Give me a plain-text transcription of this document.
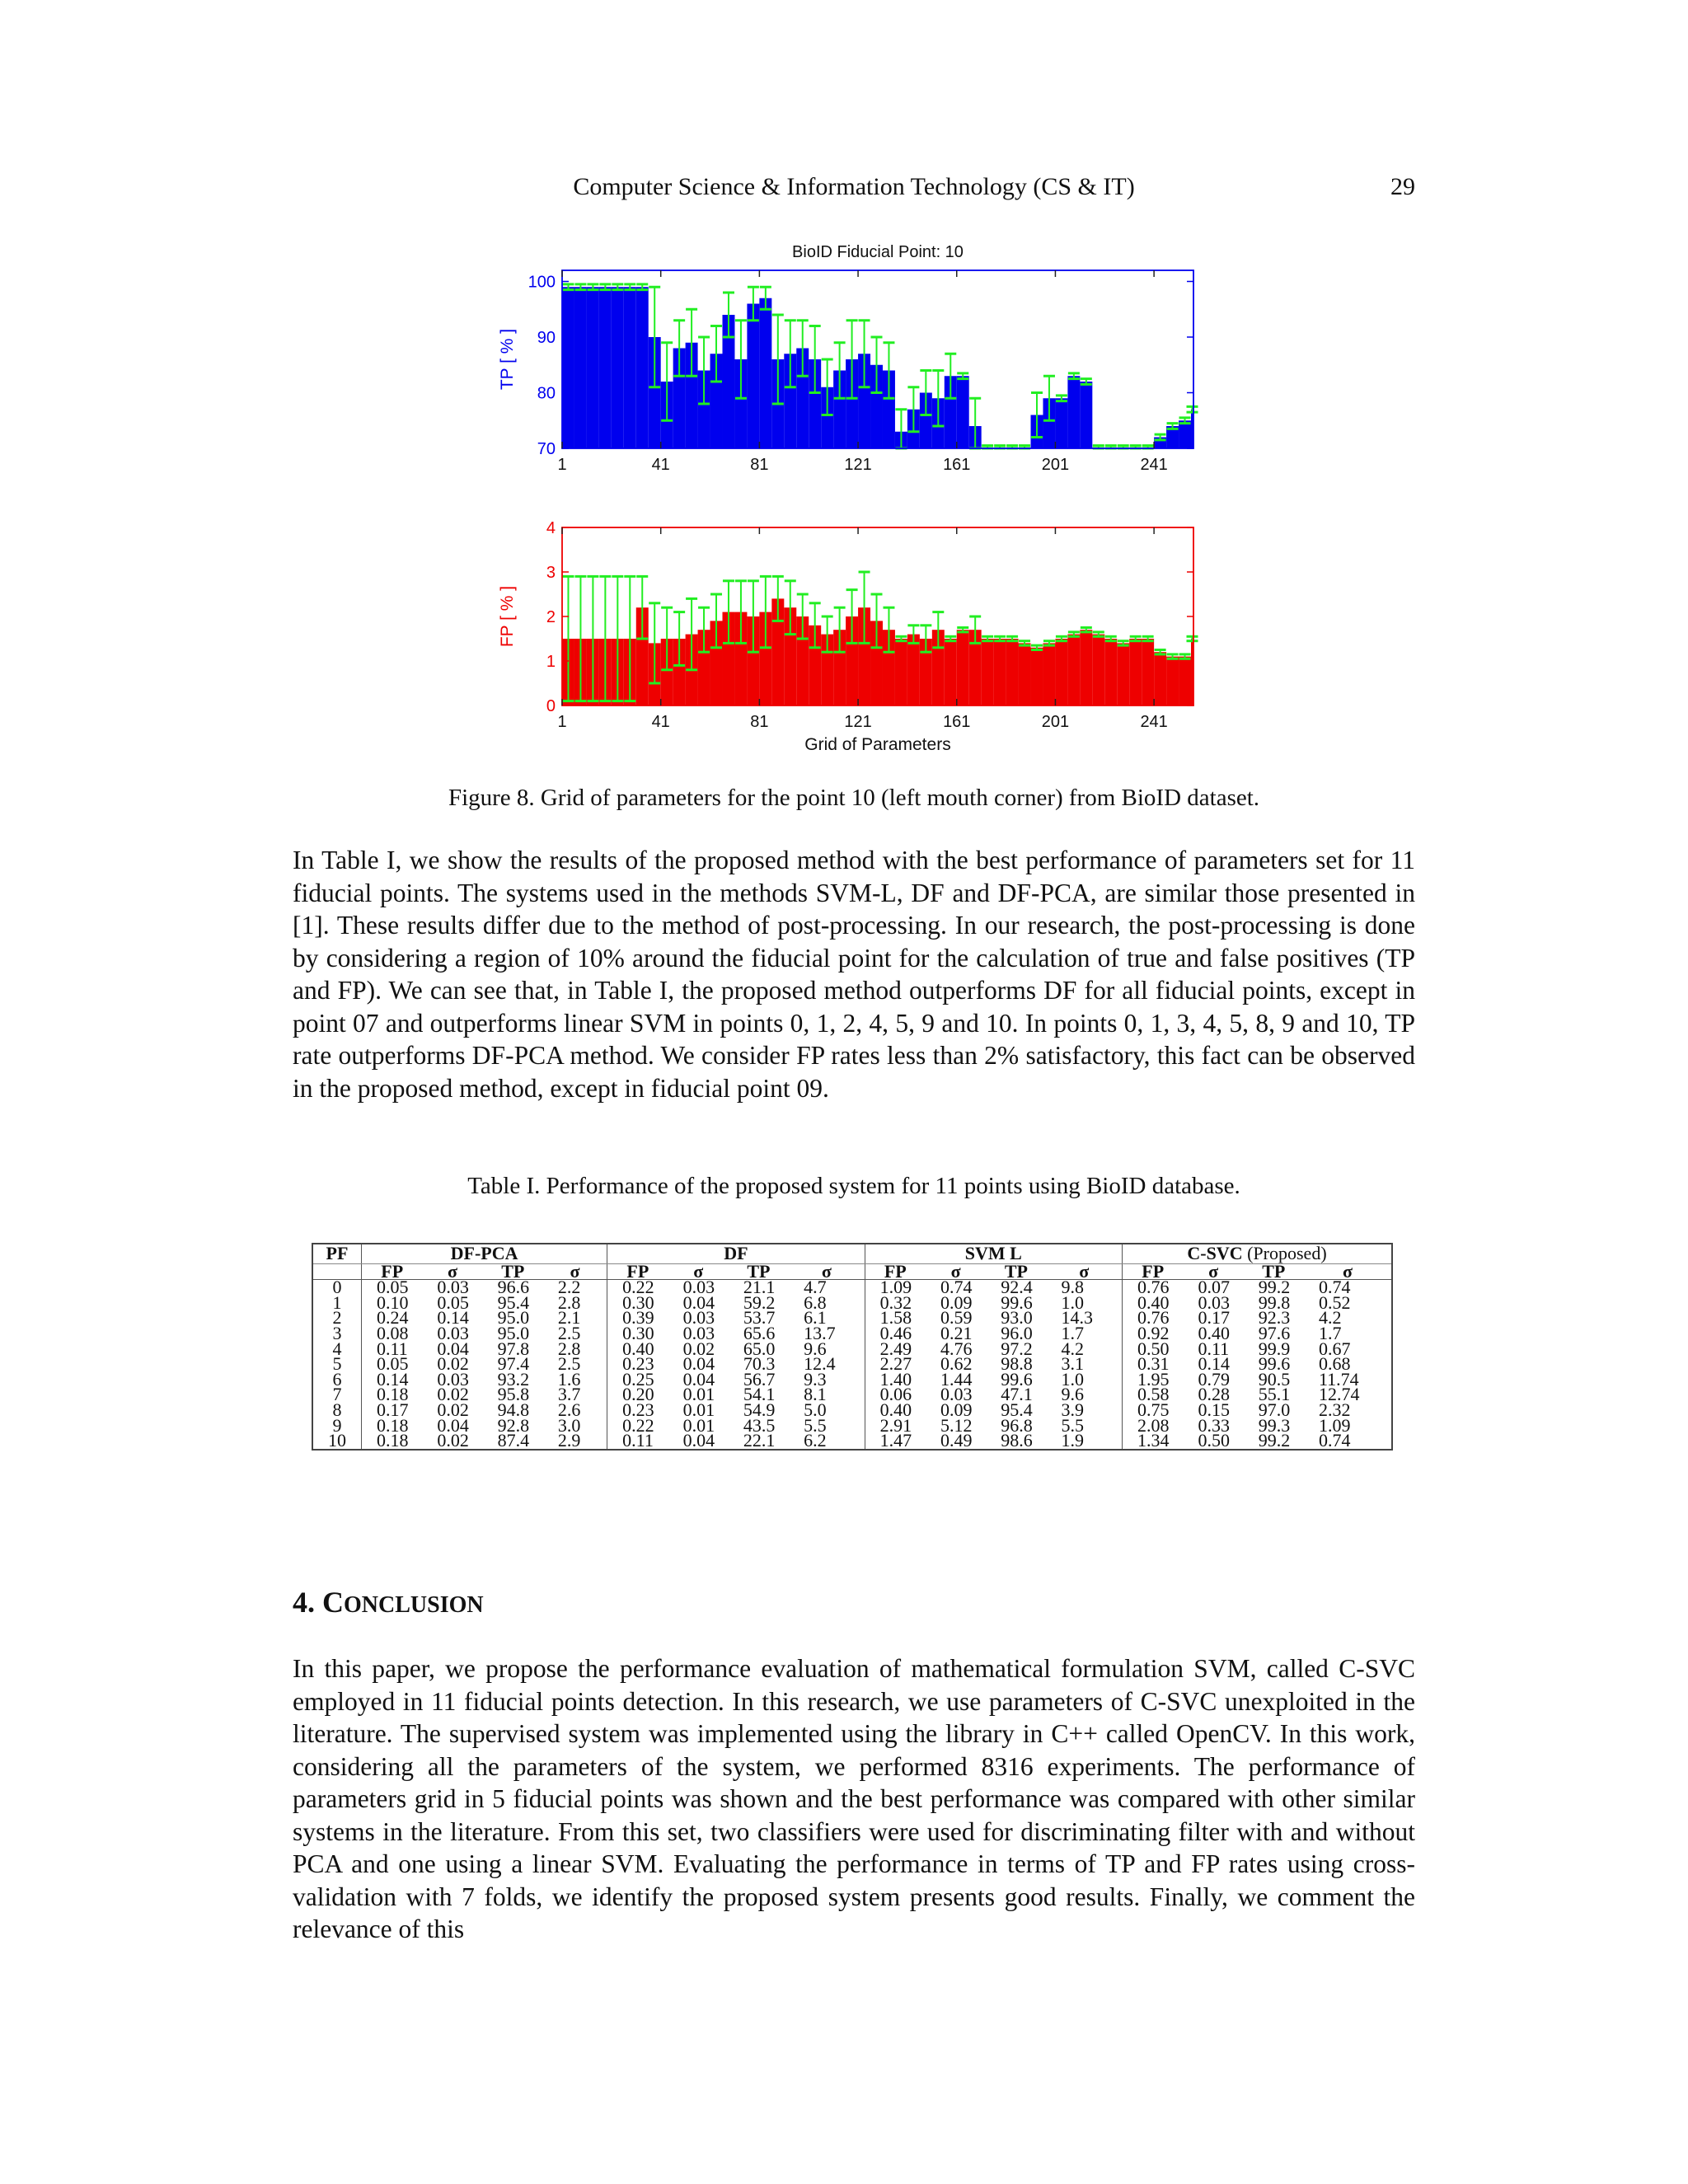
Computer Science & Information Technology (CS & IT)	29
BioID Fiducial Point: 10
70
80
90
100
1	41	81	121	161	201	241
TP [ % ]
0
1
2
3
4
1	41	81	121	161	201	241
FP [ % ]
Grid of Parameters
Figure 8. Grid of parameters for the point 10 (left mouth corner) from BioID dataset.

In Table I, we show the results of the proposed method with the best performance of parameters set for 11 fiducial points. The systems used in the methods SVM-L, DF and DF-PCA, are similar those presented in [1]. These results differ due to the method of post-processing. In our research, the post-processing is done by considering a region of 10% around the fiducial point for the calculation of true and false positives (TP and FP). We can see that, in Table I, the proposed method outperforms DF for all fiducial points, except in point 07 and outperforms linear SVM in points 0, 1, 2, 4, 5, 9 and 10. In points 0, 1, 3, 4, 5, 8, 9 and 10, TP rate outperforms DF-PCA method. We consider FP rates less than 2% satisfactory, this fact can be observed in the proposed method, except in fiducial point 09.

Table I. Performance of the proposed system for 11 points using BioID database.
PF	DF-PCA				DF				SVM L				C-SVC (Proposed)			
	FP	σ	TP	σ	FP	σ	TP	σ	FP	σ	TP	σ	FP	σ	TP	σ
0	0.05	0.03	96.6	2.2	0.22	0.03	21.1	4.7	1.09	0.74	92.4	9.8	0.76	0.07	99.2	0.74
1	0.10	0.05	95.4	2.8	0.30	0.04	59.2	6.8	0.32	0.09	99.6	1.0	0.40	0.03	99.8	0.52
2	0.24	0.14	95.0	2.1	0.39	0.03	53.7	6.1	1.58	0.59	93.0	14.3	0.76	0.17	92.3	4.2
3	0.08	0.03	95.0	2.5	0.30	0.03	65.6	13.7	0.46	0.21	96.0	1.7	0.92	0.40	97.6	1.7
4	0.11	0.04	97.8	2.8	0.40	0.02	65.0	9.6	2.49	4.76	97.2	4.2	0.50	0.11	99.9	0.67
5	0.05	0.02	97.4	2.5	0.23	0.04	70.3	12.4	2.27	0.62	98.8	3.1	0.31	0.14	99.6	0.68
6	0.14	0.03	93.2	1.6	0.25	0.04	56.7	9.3	1.40	1.44	99.6	1.0	1.95	0.79	90.5	11.74
7	0.18	0.02	95.8	3.7	0.20	0.01	54.1	8.1	0.06	0.03	47.1	9.6	0.58	0.28	55.1	12.74
8	0.17	0.02	94.8	2.6	0.23	0.01	54.9	5.0	0.40	0.09	95.4	3.9	0.75	0.15	97.0	2.32
9	0.18	0.04	92.8	3.0	0.22	0.01	43.5	5.5	2.91	5.12	96.8	5.5	2.08	0.33	99.3	1.09
10	0.18	0.02	87.4	2.9	0.11	0.04	22.1	6.2	1.47	0.49	98.6	1.9	1.34	0.50	99.2	0.74
4. CONCLUSION

In this paper, we propose the performance evaluation of mathematical formulation SVM, called C-SVC employed in 11 fiducial points detection. In this research, we use parameters of C-SVC unexploited in the literature. The supervised system was implemented using the library in C++ called OpenCV. In this work, considering all the parameters of the system, we performed 8316 experiments. The performance of parameters grid in 5 fiducial points was shown and the best performance was compared with other similar systems in the literature. From this set, two classifiers were used for discriminating filter with and without PCA and one using a linear SVM. Evaluating the performance in terms of TP and FP rates using cross-validation with 7 folds, we identify the proposed system presents good results. Finally, we comment the relevance of this
